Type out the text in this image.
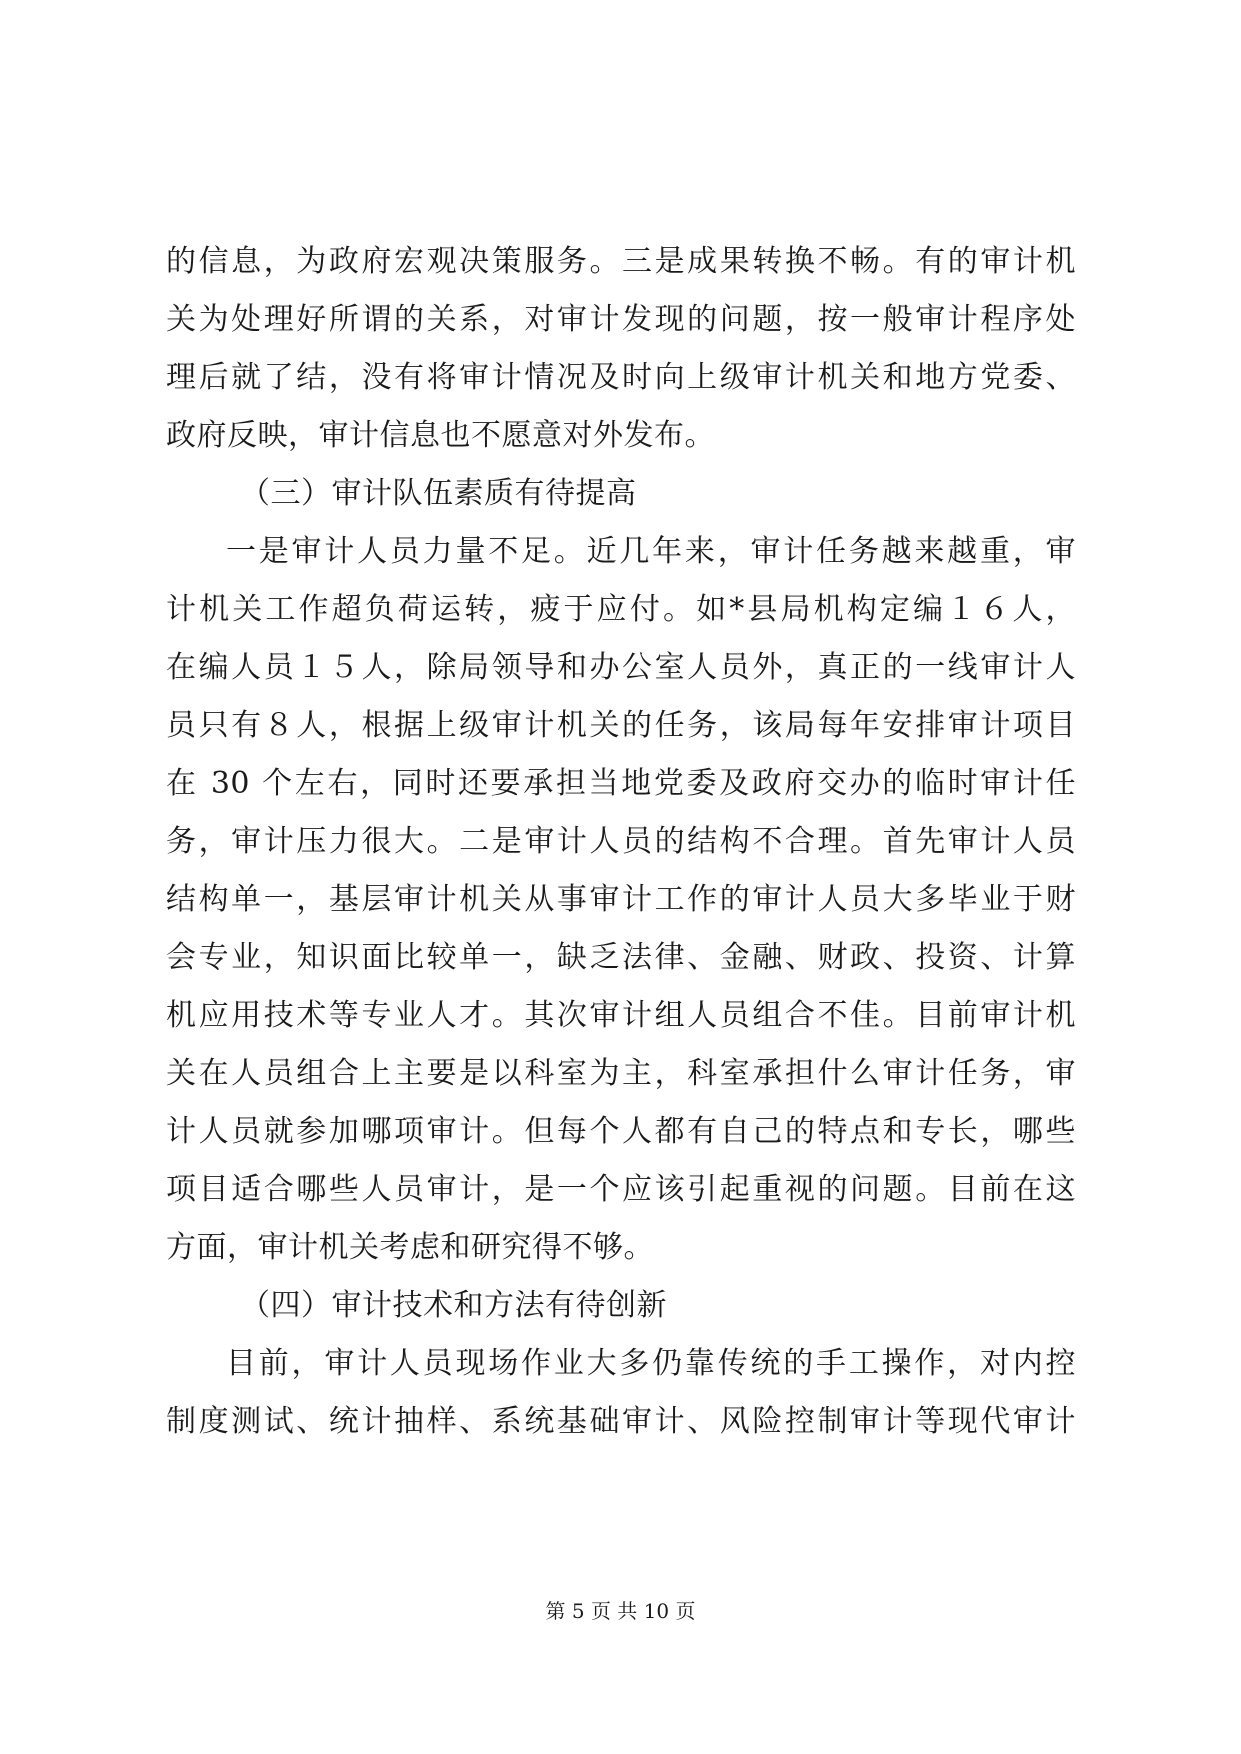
的信息，为政府宏观决策服务。三是成果转换不畅。有的审计机
关为处理好所谓的关系，对审计发现的问题，按一般审计程序处
理后就了结，没有将审计情况及时向上级审计机关和地方党委、
政府反映，审计信息也不愿意对外发布。
（三）审计队伍素质有待提高
一是审计人员力量不足。近几年来，审计任务越来越重，审
计机关工作超负荷运转，疲于应付。如*县局机构定编１６人，
在编人员１５人，除局领导和办公室人员外，真正的一线审计人
员只有８人，根据上级审计机关的任务，该局每年安排审计项目
在 30 个左右，同时还要承担当地党委及政府交办的临时审计任
务，审计压力很大。二是审计人员的结构不合理。首先审计人员
结构单一，基层审计机关从事审计工作的审计人员大多毕业于财
会专业，知识面比较单一，缺乏法律、金融、财政、投资、计算
机应用技术等专业人才。其次审计组人员组合不佳。目前审计机
关在人员组合上主要是以科室为主，科室承担什么审计任务，审
计人员就参加哪项审计。但每个人都有自己的特点和专长，哪些
项目适合哪些人员审计，是一个应该引起重视的问题。目前在这
方面，审计机关考虑和研究得不够。
（四）审计技术和方法有待创新
目前，审计人员现场作业大多仍靠传统的手工操作，对内控
制度测试、统计抽样、系统基础审计、风险控制审计等现代审计
第 5 页 共 10 页
